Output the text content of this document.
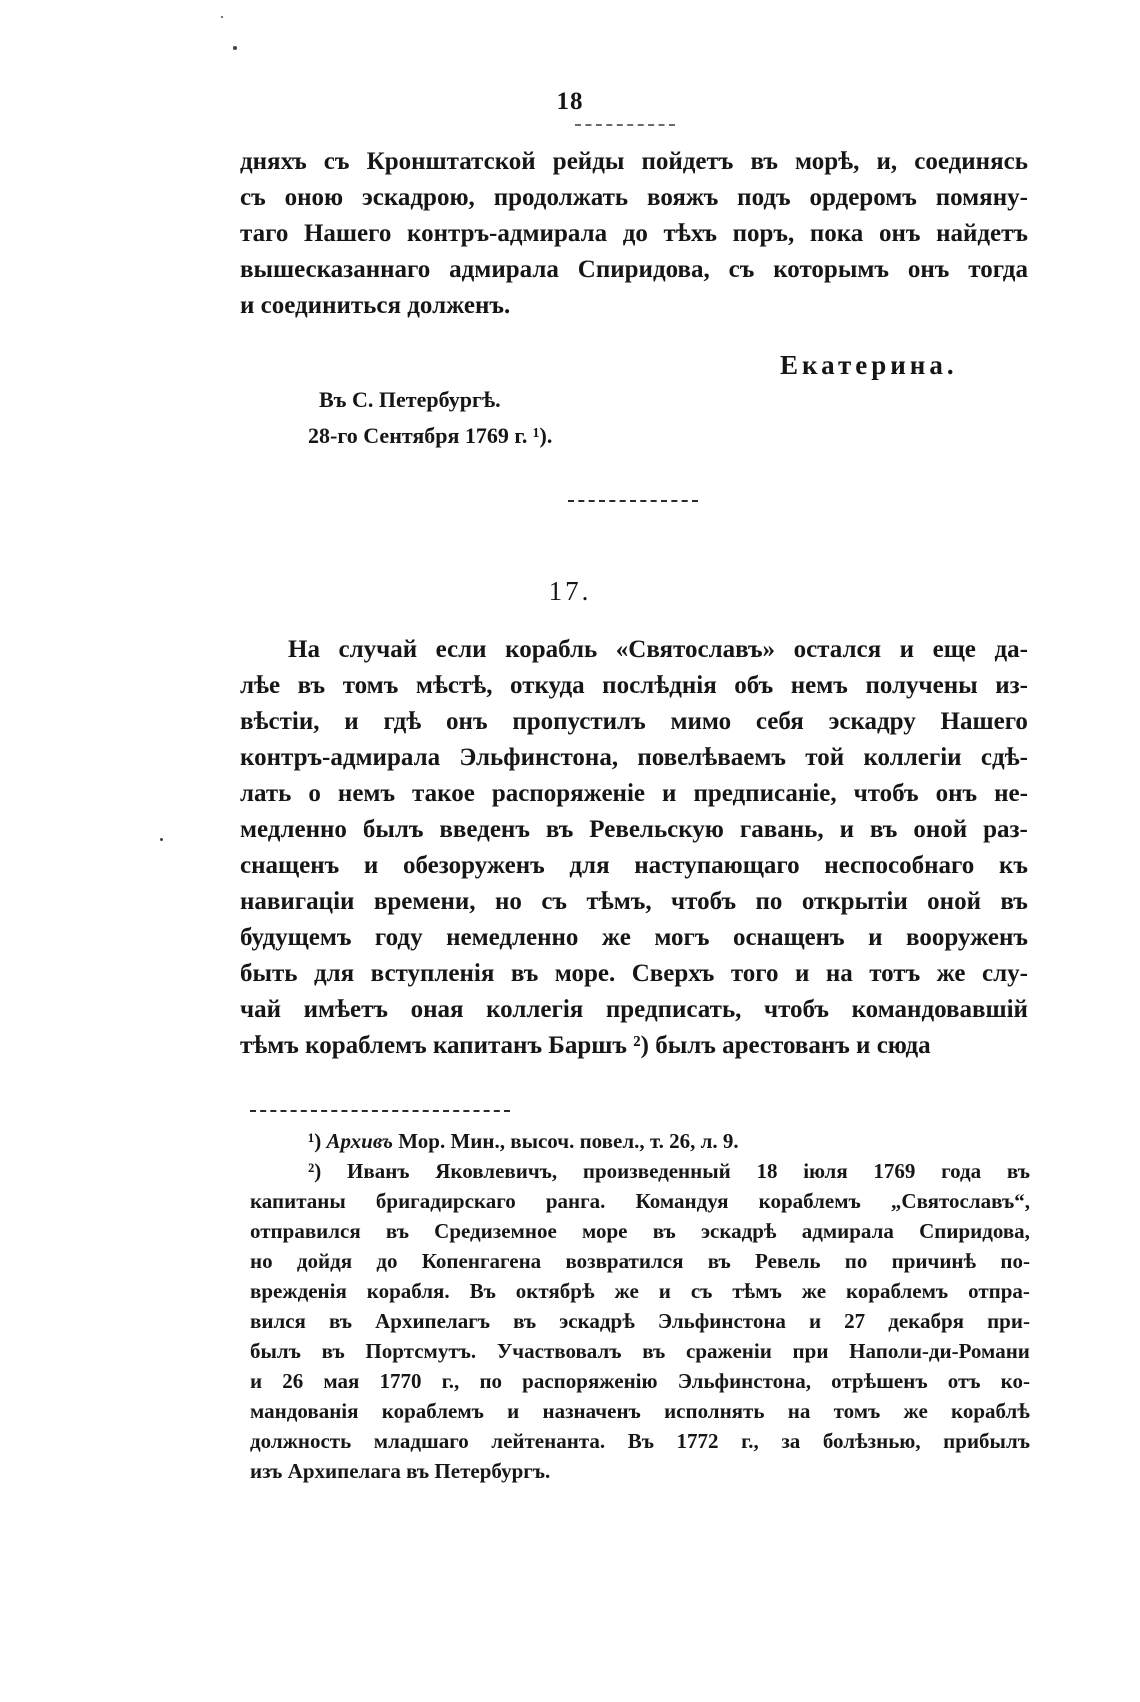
18
дняхъ съ Кронштатской рейды пойдетъ въ морѣ, и, соединясь
съ оною эскадрою, продолжать вояжъ подъ ордеромъ помяну-
таго Нашего контръ-адмирала до тѣхъ поръ, пока онъ найдетъ
вышесказаннаго адмирала Спиридова, съ которымъ онъ тогда
и соединиться долженъ.
Екатерина.
Въ С. Петербургѣ.
28-го Сентября 1769 г. ¹).
17.
На случай если корабль «Святославъ» остался и еще да-
лѣе въ томъ мѣстѣ, откуда послѣднія объ немъ получены из-
вѣстіи, и гдѣ онъ пропустилъ мимо себя эскадру Нашего
контръ-адмирала Эльфинстона, повелѣваемъ той коллегіи сдѣ-
лать о немъ такое распоряженіе и предписаніе, чтобъ онъ не-
медленно былъ введенъ въ Ревельскую гавань, и въ оной раз-
снащенъ и обезоруженъ для наступающаго неспособнаго къ
навигаціи времени, но съ тѣмъ, чтобъ по открытіи оной въ
будущемъ году немедленно же могъ оснащенъ и вооруженъ
быть для вступленія въ море. Сверхъ того и на тотъ же слу-
чай имѣетъ оная коллегія предписать, чтобъ командовавшій
тѣмъ кораблемъ капитанъ Баршъ ²) былъ арестованъ и сюда
¹)
Архивъ
Мор. Мин., высоч. повел., т. 26, л. 9.
²) Иванъ Яковлевичъ, произведенный 18 іюля 1769 года въ
капитаны бригадирскаго ранга. Командуя кораблемъ „Святославъ“,
отправился въ Средиземное море въ эскадрѣ адмирала Спиридова,
но дойдя до Копенгагена возвратился въ Ревель по причинѣ по-
врежденія корабля. Въ октябрѣ же и съ тѣмъ же кораблемъ отпра-
вился въ Архипелагъ въ эскадрѣ Эльфинстона и 27 декабря при-
былъ въ Портсмутъ. Участвовалъ въ сраженіи при Наполи-ди-Романи
и 26 мая 1770 г., по распоряженію Эльфинстона, отрѣшенъ отъ ко-
мандованія кораблемъ и назначенъ исполнять на томъ же кораблѣ
должность младшаго лейтенанта. Въ 1772 г., за болѣзнью, прибылъ
изъ Архипелага въ Петербургъ.
